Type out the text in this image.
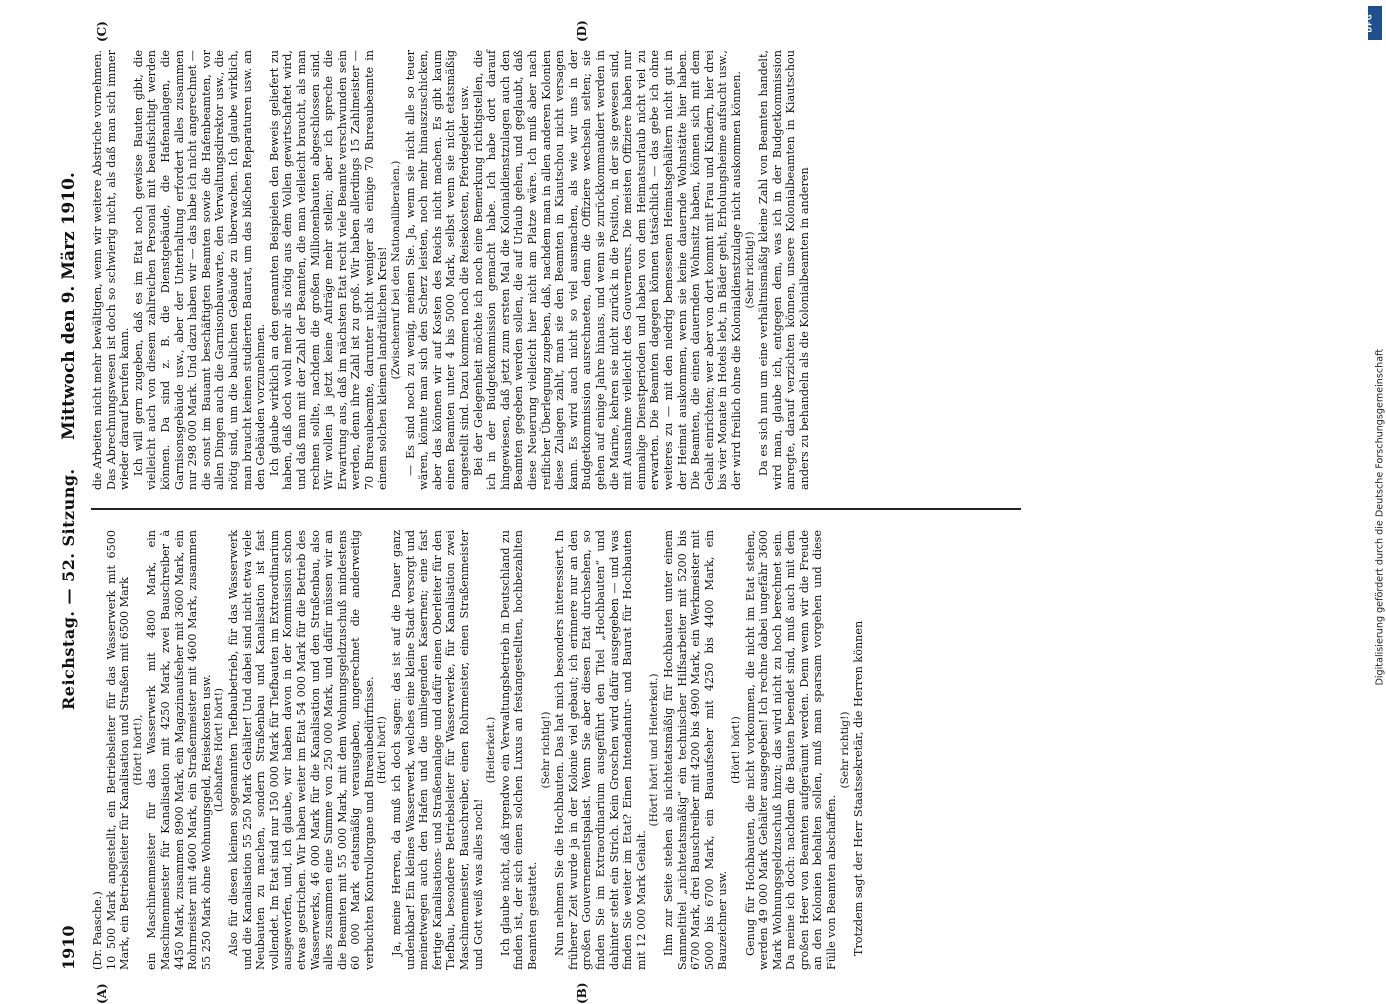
1910
Reichstag. — 52. Sitzung.
Mittwoch den 9. März 1910.
(A)	(B)
(C)	(D)

(Dr. Paasche.) 10 500 Mark angestellt, ein Betriebsleiter für das Wasserwerk mit 6500 Mark, ein Betriebsleiter für Kanalisation und Straßen mit 6500 Mark (Hört! hört!), ein Maschinenmeister für das Wasserwerk mit 4800 Mark, ein Maschinenmeister für Kanalisation mit 4250 Mark, zwei Bauschreiber à 4450 Mark, zusammen 8900 Mark, ein Magazinaufseher mit 3600 Mark, ein Rohrmeister mit 4600 Mark, ein Straßenmeister mit 4600 Mark, zusammen 55 250 Mark ohne Wohnungsgeld, Reisekosten usw. (Lebhaftes Hört! hört!) Also für diesen kleinen sogenannten Tiefbaubetrieb, für das Wasserwerk und die Kanalisation 55 250 Mark Gehälter! Und dabei sind nicht etwa viele Neubauten zu machen, sondern Straßenbau und Kanalisation ist fast vollendet. Im Etat sind nur 150 000 Mark für Tiefbauten im Extraordinarium ausgeworfen, und, ich glaube, wir haben davon in der Kommission schon etwas gestrichen. Wir haben weiter im Etat 54 000 Mark für die Betrieb des Wasserwerks, 46 000 Mark für die Kanalisation und den Straßenbau, also alles zusammen eine Summe von 250 000 Mark, und dafür müssen wir an die Beamten mit 55 000 Mark, mit dem Wohnungsgeldzuschuß mindestens 60 000 Mark etatsmäßig verausgaben, ungerechnet die anderweitig verbuchten Kontrollorgane und Bureaubedürfnisse. (Hört! hört!) Ja, meine Herren, da muß ich doch sagen: das ist auf die Dauer ganz undenkbar! Ein kleines Wasserwerk, welches eine kleine Stadt versorgt und meinetwegen auch den Hafen und die umliegenden Kasernen; eine fast fertige Kanalisations- und Straßenanlage und dafür einen Oberleiter für den Tiefbau, besondere Betriebsleiter für Wasserwerke, für Kanalisation zwei Maschinenmeister, Bauschreiber, einen Rohrmeister, einen Straßenmeister und Gott weiß was alles noch!

(Heiterkeit.) Ich glaube nicht, daß irgendwo ein Verwaltungsbetrieb in Deutschland zu finden ist, der sich einen solchen Luxus an festangestellten, hochbezahlten Beamten gestattet.

(Sehr richtig!) Nun nehmen Sie die Hochbauten. Das hat mich besonders interessiert. In früherer Zeit wurde ja in der Kolonie viel gebaut; ich erinnere nur an den großen Gouvernementspalast. Wenn Sie aber diesen Etat durchsehen, so finden Sie im Extraordinarium ausgeführt den Titel „Hochbauten“ und dahinter steht ein Strich. Kein Groschen wird dafür ausgegeben — und was finden Sie weiter im Etat? Einen Intendantur- und Baurat für Hochbauten mit 12 000 Mark Gehalt.

(Hört! hört! und Heiterkeit.) Ihm zur Seite stehen als nichtetatsmäßig für Hochbauten unter einem Sammeltitel „nichtetatsmäßig“ ein technischer Hilfsarbeiter mit 5200 bis 6700 Mark, drei Bauschreiber mit 4200 bis 4900 Mark, ein Werkmeister mit 5000 bis 6700 Mark, ein Bauaufseher mit 4250 bis 4400 Mark, ein Bauzeichner usw.

(Hört! hört!) Genug für Hochbauten, die nicht vorkommen, die nicht im Etat stehen, werden 49 000 Mark Gehälter ausgegeben! Ich rechne dabei ungefähr 3600 Mark Wohnungsgeldzuschuß hinzu; das wird nicht zu hoch berechnet sein. Da meine ich doch: nachdem die Bauten beendet sind, muß auch mit dem großen Heer von Beamten aufgeräumt werden. Denn wenn wir die Freude an den Kolonien behalten sollen, muß man sparsam vorgehen und diese Fülle von Beamten abschaffen.

(Sehr richtig!) Trotzdem sagt der Herr Staatssekretär, die Herren können

die Arbeiten nicht mehr bewältigen, wenn wir weitere Abstriche vornehmen. Das Abrechnungswesen ist doch so schwierig nicht, als daß man sich immer wieder darauf berufen kann. Ich will gern zugeben, daß es im Etat noch gewisse Bauten gibt, die vielleicht auch von diesem zahlreichen Personal mit beaufsichtigt werden können. Da sind z. B. die Dienstgebäude, die Hafenanlagen, die Garnisonsgebäude usw., aber der Unterhaltung erfordert alles zusammen nur 298 000 Mark. Und dazu haben wir — das habe ich nicht angerechnet — die sonst im Bauamt beschäftigten Beamten sowie die Hafenbeamten, vor allen Dingen auch die Garnisonbauwarte, den Verwaltungsdirektor usw., die nötig sind, um die baulichen Gebäude zu überwachen. Ich glaube wirklich, man braucht keinen studierten Baurat, um das bißchen Reparaturen usw. an den Gebäuden vorzunehmen. Ich glaube wirklich an den genannten Beispielen den Beweis geliefert zu haben, daß doch wohl mehr als nötig aus dem Vollen gewirtschaftet wird, und daß man mit der Zahl der Beamten, die man vielleicht braucht, als man rechnen sollte, nachdem die großen Millionenbauten abgeschlossen sind. Wir wollen ja jetzt keine Anträge mehr stellen; aber ich spreche die Erwartung aus, daß im nächsten Etat recht viele Beamte verschwunden sein werden, denn ihre Zahl ist zu groß. Wir haben allerdings 15 Zahlmeister — 70 Bureaubeamte, darunter nicht weniger als einige 70 Bureaubeamte in einem solchen kleinen landrätlichen Kreis! (Zwischenruf bei den Nationalliberalen.) — Es sind noch zu wenig, meinen Sie. Ja, wenn sie nicht alle so teuer wären, könnte man sich den Scherz leisten, noch mehr hinauszuschicken, aber das können wir auf Kosten des Reichs nicht machen. Es gibt kaum einen Beamten unter 4 bis 5000 Mark, selbst wenn sie nicht etatsmäßig angestellt sind. Dazu kommen noch die Reisekosten, Pferdegelder usw. Bei der Gelegenheit möchte ich noch eine Bemerkung richtigstellen, die ich in der Budgetkommission gemacht habe. Ich habe dort darauf hingewiesen, daß jetzt zum ersten Mal die Kolonialdienstzulagen auch den Beamten gegeben werden sollen, die auf Urlaub gehen, und geglaubt, daß diese Neuerung vielleicht hier nicht am Platze wäre. Ich muß aber nach reiflicher Überlegung zugeben, daß, nachdem man in allen anderen Kolonien diese Zulagen zahlt, man sie den Beamten in Kiautschou nicht versagen kann. Es wird auch nicht so viel ausmachen, als wie wir uns in der Budgetkommission ausrechneten, denn die Offiziere wechseln selten; sie gehen auf einige Jahre hinaus, und wenn sie zurückkommandiert werden in die Marine, kehren sie nicht zurück in die Position, in der sie gewesen sind, mit Ausnahme vielleicht des Gouverneurs. Die meisten Offiziere haben nur einmalige Dienstperioden und haben von dem Heimatsurlaub nicht viel zu erwarten. Die Beamten dagegen können tatsächlich — das gebe ich ohne weiteres zu — mit den niedrig bemessenen Heimatsgehältern nicht gut in der Heimat auskommen, wenn sie keine dauernde Wohnstätte hier haben. Die Beamten, die einen dauernden Wohnsitz haben, können sich mit dem Gehalt einrichten; wer aber von dort kommt mit Frau und Kindern, hier drei bis vier Monate in Hotels lebt, in Bäder geht, Erholungsheime aufsucht usw., der wird freilich ohne die Kolonialdienstzulage nicht auskommen können. (Sehr richtig!) Da es sich nun um eine verhältnismäßig kleine Zahl von Beamten handelt, wird man, glaube ich, entgegen dem, was ich in der Budgetkommission anregte, darauf verzichten können, unsere Kolonialbeamten in Kiautschou anders zu behandeln als die Kolonialbeamten in anderen

DFG
Digitalisierung gefördert durch die Deutsche Forschungsgemeinschaft
